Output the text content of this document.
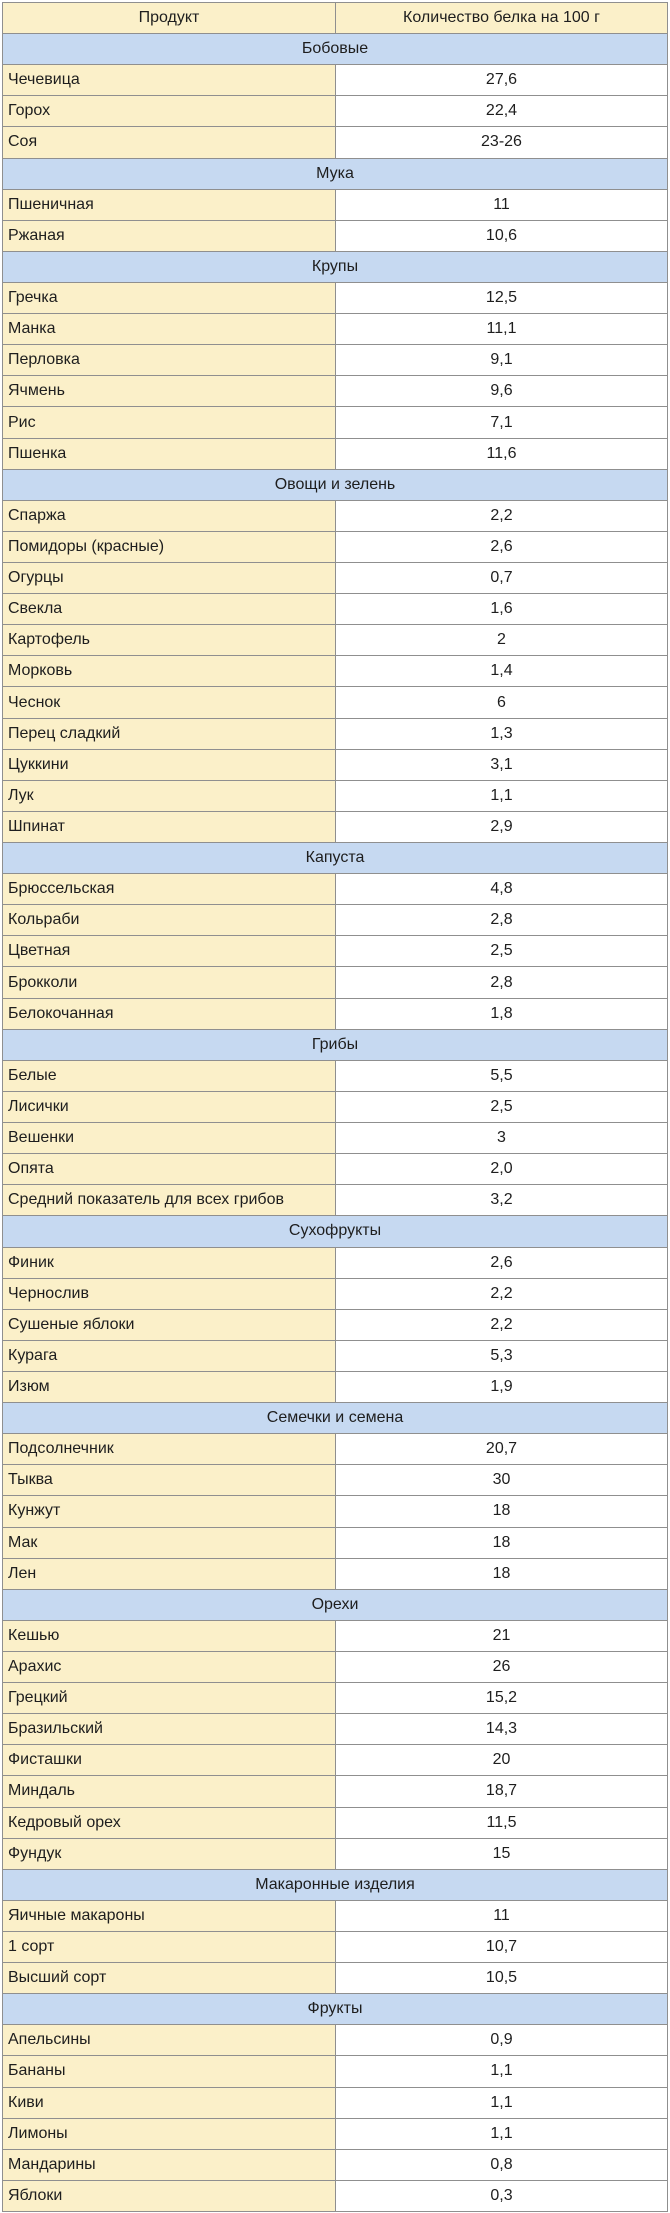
Продукт	Количество белка на 100 г
Бобовые
Чечевица	27,6
Горох	22,4
Соя	23-26
Мука
Пшеничная	11
Ржаная	10,6
Крупы
Гречка	12,5
Манка	11,1
Перловка	9,1
Ячмень	9,6
Рис	7,1
Пшенка	11,6
Овощи и зелень
Спаржа	2,2
Помидоры (красные)	2,6
Огурцы	0,7
Свекла	1,6
Картофель	2
Морковь	1,4
Чеснок	6
Перец сладкий	1,3
Цуккини	3,1
Лук	1,1
Шпинат	2,9
Капуста
Брюссельская	4,8
Кольраби	2,8
Цветная	2,5
Брокколи	2,8
Белокочанная	1,8
Грибы
Белые	5,5
Лисички	2,5
Вешенки	3
Опята	2,0
Средний показатель для всех грибов	3,2
Сухофрукты
Финик	2,6
Чернослив	2,2
Сушеные яблоки	2,2
Курага	5,3
Изюм	1,9
Семечки и семена
Подсолнечник	20,7
Тыква	30
Кунжут	18
Мак	18
Лен	18
Орехи
Кешью	21
Арахис	26
Грецкий	15,2
Бразильский	14,3
Фисташки	20
Миндаль	18,7
Кедровый орех	11,5
Фундук	15
Макаронные изделия
Яичные макароны	11
1 сорт	10,7
Высший сорт	10,5
Фрукты
Апельсины	0,9
Бананы	1,1
Киви	1,1
Лимоны	1,1
Мандарины	0,8
Яблоки	0,3
